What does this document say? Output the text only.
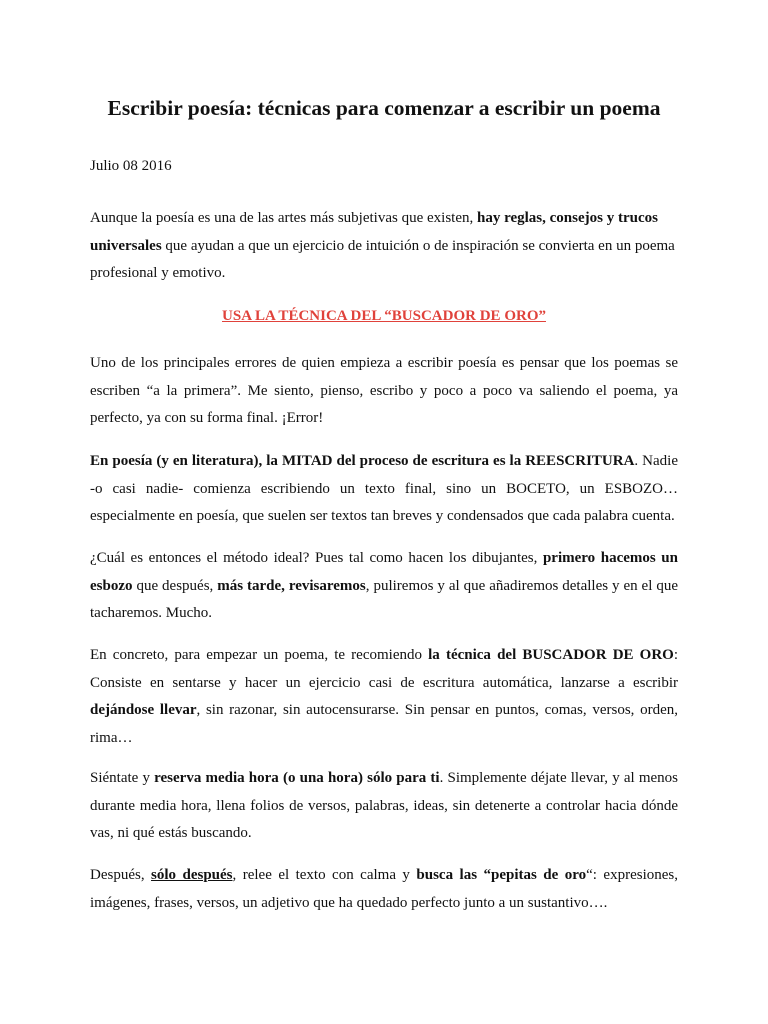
Escribir poesía: técnicas para comenzar a escribir un poema

Julio 08 2016

Aunque la poesía es una de las artes más subjetivas que existen, hay reglas, consejos y trucos universales que ayudan a que un ejercicio de intuición o de inspiración se convierta en un poema profesional y emotivo.

USA LA TÉCNICA DEL “BUSCADOR DE ORO”

Uno de los principales errores de quien empieza a escribir poesía es pensar que los poemas se escriben “a la primera”. Me siento, pienso, escribo y poco a poco va saliendo el poema, ya perfecto, ya con su forma final. ¡Error!

En poesía (y en literatura), la MITAD del proceso de escritura es la REESCRITURA. Nadie -o casi nadie- comienza escribiendo un texto final, sino un BOCETO, un ESBOZO… especialmente en poesía, que suelen ser textos tan breves y condensados que cada palabra cuenta.

¿Cuál es entonces el método ideal? Pues tal como hacen los dibujantes, primero hacemos un esbozo que después, más tarde, revisaremos, puliremos y al que añadiremos detalles y en el que tacharemos. Mucho.

En concreto, para empezar un poema, te recomiendo la técnica del BUSCADOR DE ORO: Consiste en sentarse y hacer un ejercicio casi de escritura automática, lanzarse a escribir dejándose llevar, sin razonar, sin autocensurarse. Sin pensar en puntos, comas, versos, orden, rima…

Siéntate y reserva media hora (o una hora) sólo para ti. Simplemente déjate llevar, y al menos durante media hora, llena folios de versos, palabras, ideas, sin detenerte a controlar hacia dónde vas, ni qué estás buscando.

Después, sólo después, relee el texto con calma y busca las “pepitas de oro“: expresiones, imágenes, frases, versos, un adjetivo que ha quedado perfecto junto a un sustantivo….
